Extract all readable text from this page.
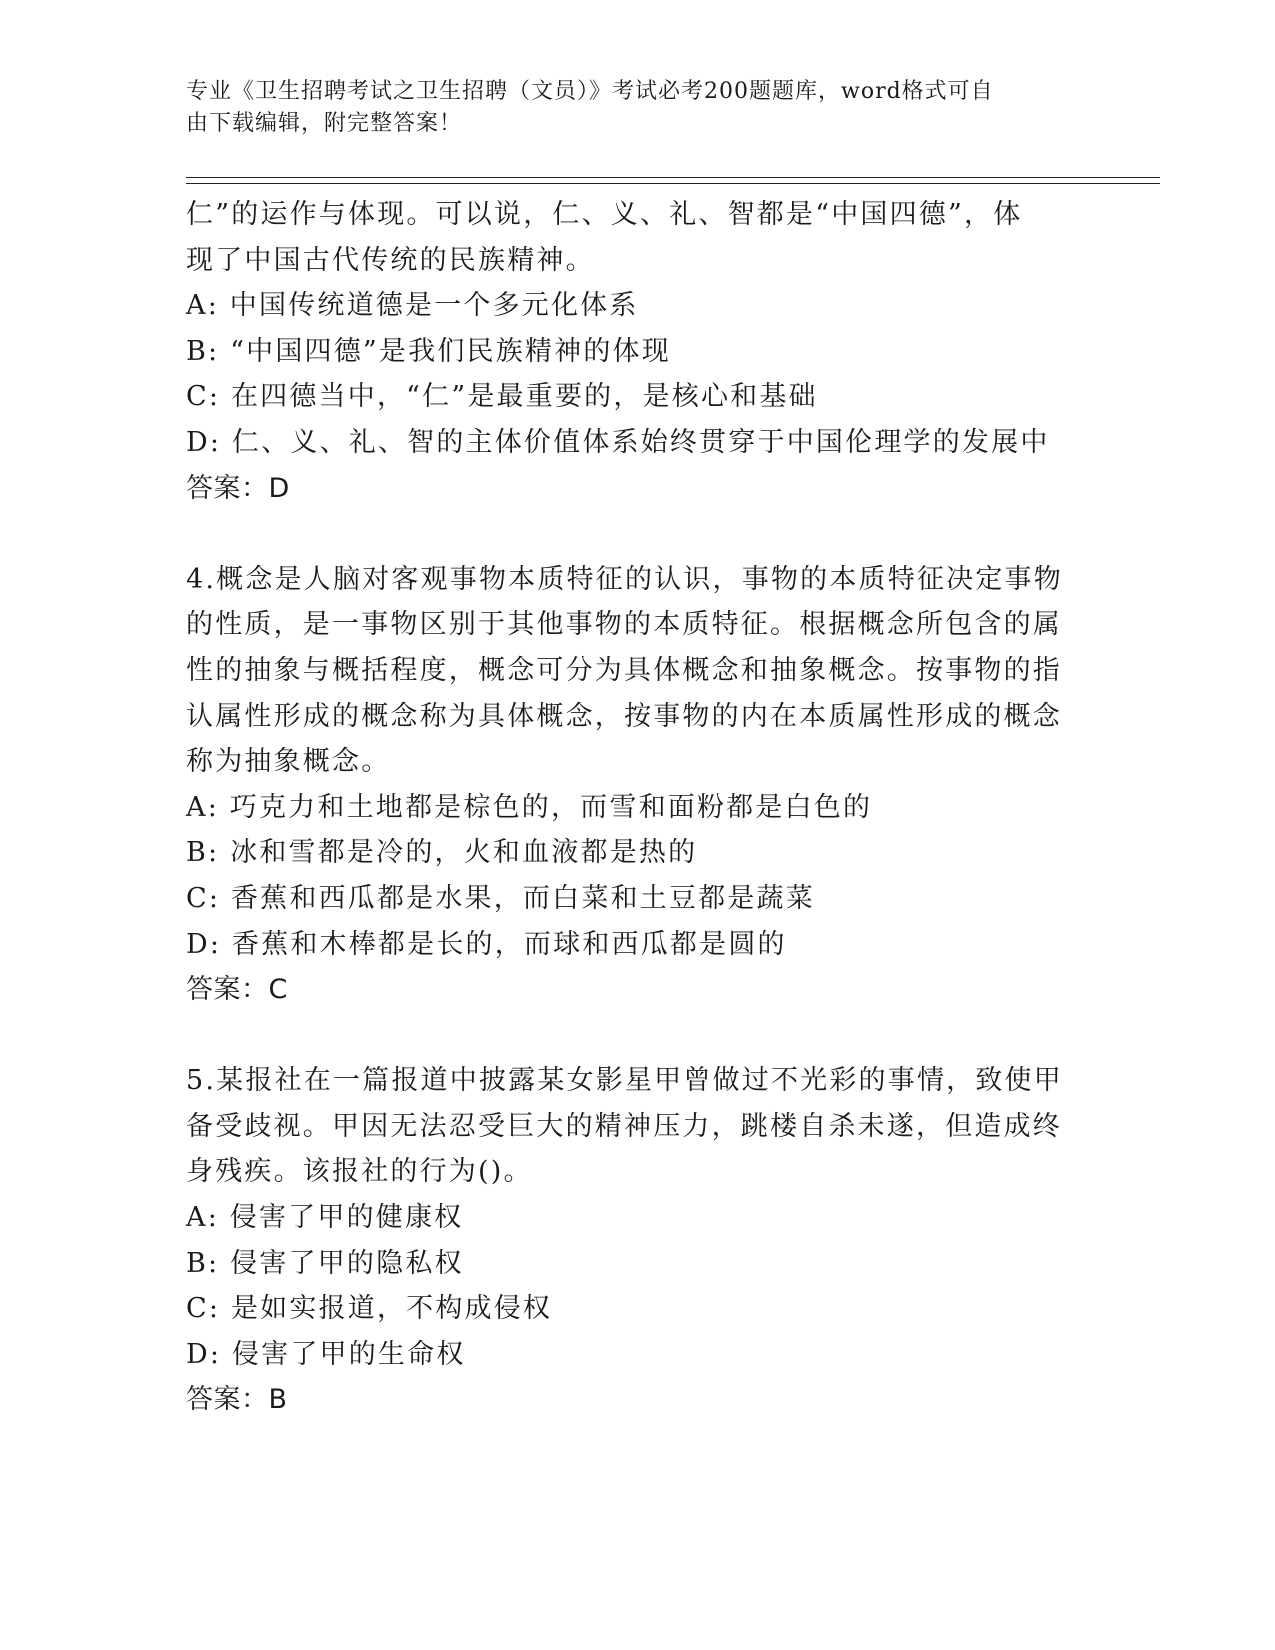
专业《卫生招聘考试之卫生招聘（文员）》考试必考200题题库，word格式可自
由下载编辑，附完整答案！
仁”的运作与体现。可以说，仁、义、礼、智都是“中国四德”，体
现了中国古代传统的民族精神。
A: 中国传统道德是一个多元化体系
B: “中国四德”是我们民族精神的体现
C: 在四德当中，“仁”是最重要的，是核心和基础
D: 仁、义、礼、智的主体价值体系始终贯穿于中国伦理学的发展中
答案：D
4.概念是人脑对客观事物本质特征的认识，事物的本质特征决定事物
的性质，是一事物区别于其他事物的本质特征。根据概念所包含的属
性的抽象与概括程度，概念可分为具体概念和抽象概念。按事物的指
认属性形成的概念称为具体概念，按事物的内在本质属性形成的概念
称为抽象概念。
A: 巧克力和土地都是棕色的，而雪和面粉都是白色的
B: 冰和雪都是冷的，火和血液都是热的
C: 香蕉和西瓜都是水果，而白菜和土豆都是蔬菜
D: 香蕉和木棒都是长的，而球和西瓜都是圆的
答案：C
5.某报社在一篇报道中披露某女影星甲曾做过不光彩的事情，致使甲
备受歧视。甲因无法忍受巨大的精神压力，跳楼自杀未遂，但造成终
身残疾。该报社的行为()。
A: 侵害了甲的健康权
B: 侵害了甲的隐私权
C: 是如实报道，不构成侵权
D: 侵害了甲的生命权
答案：B
